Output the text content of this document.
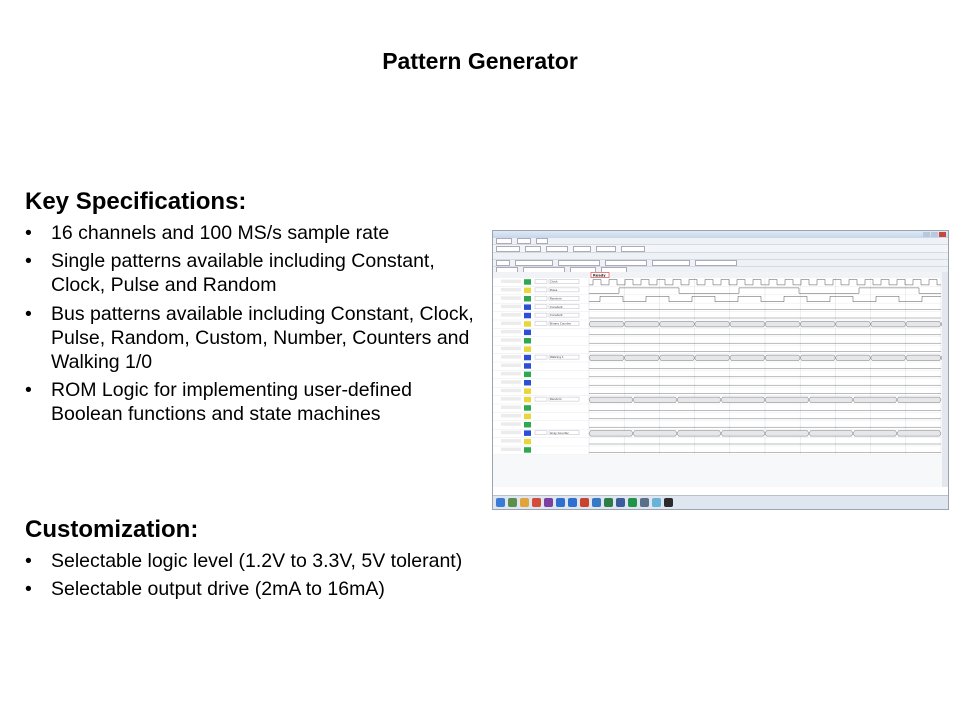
Pattern Generator
Key Specifications:
• 16 channels and 100 MS/s sample rate
• Single patterns available including Constant, Clock, Pulse and Random
• Bus patterns available including Constant, Clock, Pulse, Random, Custom, Number, Counters and Walking 1/0
• ROM Logic for implementing user-defined Boolean functions and state machines
Customization:
• Selectable logic level (1.2V to 3.3V, 5V tolerant)
• Selectable output drive (2mA to 16mA)
Ready
Clock
Pulse
Random
Constant
Constant
Binary Counter
Walking 1
Random
Gray Counter
